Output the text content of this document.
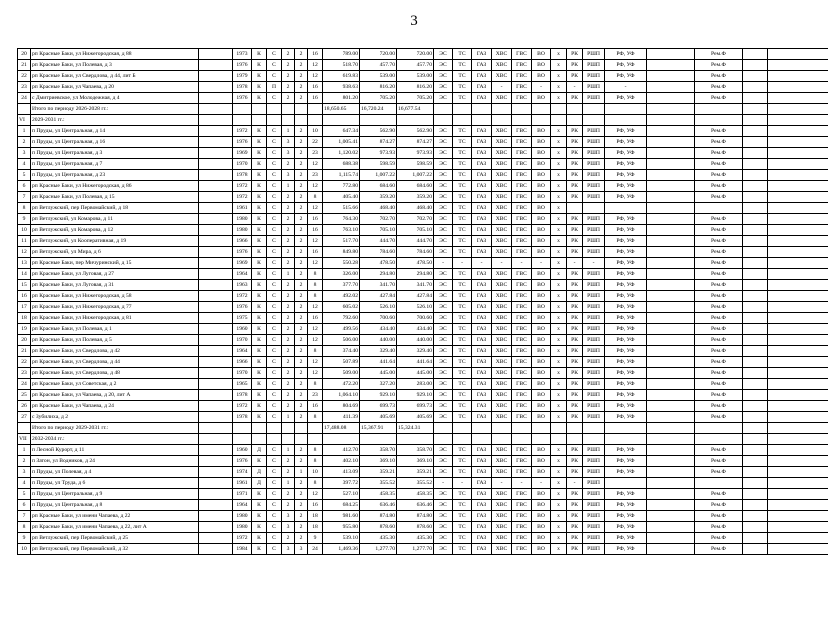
3
20	рп Красные Баки, ул Нижегородская, д 88		1973	К	С	2	2	16	789.00	720.00	720.00	ЭС	ТС	ГАЗ	ХВС	ГВС	ВО	х	РК	РШП	РФ, УФ		Рем.Ф		
21	рп Красные Баки, ул Полевая, д 3		1976	К	С	2	2	12	518.70	457.70	457.70	ЭС	ТС	ГАЗ	ХВС	ГВС	ВО	х	РК	РШП	РФ, УФ		Рем.Ф		
22	рп Красные Баки, ул Свердлова, д 44, лит Б		1979	К	С	2	2	12	619.83	539.00	539.00	ЭС	ТС	ГАЗ	ХВС	ГВС	ВО	х	РК	РШП	РФ, УФ		Рем.Ф		
23	рп Красные Баки, ул Чапаева, д 20		1978	К	П	2	2	16	938.63	816.20	816.20	ЭС	ТС	ГАЗ	-	ГВС	-	х	-	РШП	-		Рем.Ф		
24	с Дмитриевское, ул Молодежная, д 4		1976	К	С	2	2	16	801.20	705.20	705.20	ЭС	ТС	ГАЗ	ХВС	ГВС	ВО	х	РК	РШП	РФ, УФ		Рем.Ф		
	Итого по периоду 2026-2028 гг.:								18,650.65	16,720.24	16,677.54														
VI	2029-2031 гг.:																								
1	п Пруды, ул Центральная, д 14		1972	К	С	1	2	10	647.34	562.90	562.90	ЭС	ТС	ГАЗ	ХВС	ГВС	ВО	х	РК	РШП	РФ, УФ		Рем.Ф		
2	п Пруды, ул Центральная, д 16		1976	К	С	3	2	22	1,005.41	874.27	874.27	ЭС	ТС	ГАЗ	ХВС	ГВС	ВО	х	РК	РШП	РФ, УФ		Рем.Ф		
3	п Пруды, ул Центральная, д 3		1969	К	С	3	2	23	1,120.02	973.93	973.93	ЭС	ТС	ГАЗ	ХВС	ГВС	ВО	х	РК	РШП	РФ, УФ		Рем.Ф		
4	п Пруды, ул Центральная, д 7		1970	К	С	2	2	12	688.38	598.59	598.59	ЭС	ТС	ГАЗ	ХВС	ГВС	ВО	х	РК	РШП	РФ, УФ		Рем.Ф		
5	п Пруды, ул Центральная, д 23		1978	К	С	3	2	23	1,115.74	1,007.22	1,007.22	ЭС	ТС	ГАЗ	ХВС	ГВС	ВО	х	РК	РШП	РФ, УФ		Рем.Ф		
6	рп Красные Баки, ул Нижегородская, д 86		1972	К	С	1	2	12	772.80	684.60	684.60	ЭС	ТС	ГАЗ	ХВС	ГВС	ВО	х	РК	РШП	РФ, УФ		Рем.Ф		
7	рп Красные Баки, ул Полевая, д 15		1972	К	С	2	2	8	405.40	359.20	359.20	ЭС	ТС	ГАЗ	ХВС	ГВС	ВО	х	РК	РШП	РФ, УФ		Рем.Ф		
8	рп Ветлужский, пер Первомайский, д 18		1961	К	С	2	2	12	515.66	468.40	468.40	ЭС	ТС	ГАЗ	ХВС	ГВС	ВО	х							
9	рп Ветлужский, ул Комарова, д 11		1980	К	С	2	2	16	764.30	702.70	702.70	ЭС	ТС	ГАЗ	ХВС	ГВС	ВО	х	РК	РШП	РФ, УФ		Рем.Ф		
10	рп Ветлужский, ул Комарова, д 12		1980	К	С	2	2	16	763.10	705.10	705.10	ЭС	ТС	ГАЗ	ХВС	ГВС	ВО	х	РК	РШП	РФ, УФ		Рем.Ф		
11	рп Ветлужский, ул Кооперативная, д 19		1966	К	С	2	2	12	517.70	444.70	444.70	ЭС	ТС	ГАЗ	ХВС	ГВС	ВО	х	РК	РШП	РФ, УФ		Рем.Ф		
12	рп Ветлужский, ул Мира, д 6		1976	К	С	2	2	16	849.80	784.60	784.60	ЭС	ТС	ГАЗ	ХВС	ГВС	ВО	х	РК	РШП	РФ, УФ		Рем.Ф		
13	рп Красные Баки, пер Мичуринский, д 15		1969	К	С	2	2	12	550.28	478.50	478.50	-	-	-	-	-	-	х	-	-	РФ, УФ		Рем.Ф		
14	рп Красные Баки, ул Луговая, д 27		1964	К	С	1	2	8	326.00	294.80	294.80	ЭС	ТС	ГАЗ	ХВС	ГВС	ВО	х	РК	РШП	РФ, УФ		Рем.Ф		
15	рп Красные Баки, ул Луговая, д 31		1963	К	С	2	2	8	377.70	341.70	341.70	ЭС	ТС	ГАЗ	ХВС	ГВС	ВО	х	РК	РШП	РФ, УФ		Рем.Ф		
16	рп Красные Баки, ул Нижегородская, д 58		1972	К	С	2	2	8	492.02	427.84	427.84	ЭС	ТС	ГАЗ	ХВС	ГВС	ВО	х	РК	РШП	РФ, УФ		Рем.Ф		
17	рп Красные Баки, ул Нижегородская, д 77		1976	К	С	2	2	12	605.02	526.10	526.10	ЭС	ТС	ГАЗ	ХВС	ГВС	ВО	х	РК	РШП	РФ, УФ		Рем.Ф		
18	рп Красные Баки, ул Нижегородская, д 81		1975	К	С	2	2	16	792.60	700.60	700.60	ЭС	ТС	ГАЗ	ХВС	ГВС	ВО	х	РК	РШП	РФ, УФ		Рем.Ф		
19	рп Красные Баки, ул Полевая, д 1		1960	К	С	2	2	12	499.56	434.40	434.40	ЭС	ТС	ГАЗ	ХВС	ГВС	ВО	х	РК	РШП	РФ, УФ		Рем.Ф		
20	рп Красные Баки, ул Полевая, д 5		1970	К	С	2	2	12	506.00	440.00	440.00	ЭС	ТС	ГАЗ	ХВС	ГВС	ВО	х	РК	РШП	РФ, УФ		Рем.Ф		
21	рп Красные Баки, ул Свердлова, д 42		1964	К	С	2	2	8	374.40	329.40	329.40	ЭС	ТС	ГАЗ	ХВС	ГВС	ВО	х	РК	РШП	РФ, УФ		Рем.Ф		
22	рп Красные Баки, ул Свердлова, д 44		1966	К	С	2	2	12	507.89	441.64	441.64	ЭС	ТС	ГАЗ	ХВС	ГВС	ВО	х	РК	РШП	РФ, УФ		Рем.Ф		
23	рп Красные Баки, ул Свердлова, д 48		1970	К	С	2	2	12	509.00	445.00	445.00	ЭС	ТС	ГАЗ	ХВС	ГВС	ВО	х	РК	РШП	РФ, УФ		Рем.Ф		
24	рп Красные Баки, ул Советская, д 2		1965	К	С	2	2	8	472.20	327.20	283.00	ЭС	ТС	ГАЗ	ХВС	ГВС	ВО	х	РК	РШП	РФ, УФ		Рем.Ф		
25	рп Красные Баки, ул Чапаева, д 20, лит А		1978	К	С	2	2	23	1,064.10	929.10	929.10	ЭС	ТС	ГАЗ	ХВС	ГВС	ВО	х	РК	РШП	РФ, УФ		Рем.Ф		
26	рп Красные Баки, ул Чапаева, д 24		1972	К	С	2	2	16	804.69	699.73	699.73	ЭС	ТС	ГАЗ	ХВС	ГВС	ВО	х	РК	РШП	РФ, УФ		Рем.Ф		
27	с Зубилиха, д 2		1978	К	С	1	2	8	411.39	405.69	405.69	ЭС	ТС	ГАЗ	ХВС	ГВС	ВО	х	РК	РШП	РФ, УФ		Рем.Ф		
	Итого по периоду 2029-2031 гг.:								17,488.08	15,367.91	15,324.31														
VII	2032-2034 гг.:																								
1	п Лесной Курорт, д 11		1960	Д	С	1	2	8	412.70	358.70	358.70	ЭС	ТС	ГАЗ	ХВС	ГВС	ВО	х	РК	РШП	РФ, УФ		Рем.Ф		
2	п Затон, ул Водников, д 24		1976	К	С	2	2	8	402.10	369.10	369.10	ЭС	ТС	ГАЗ	ХВС	ГВС	ВО	х	РК	РШП	РФ, УФ		Рем.Ф		
3	п Пруды, ул Полевая, д 4		1974	Д	С	2	1	10	413.09	359.21	359.21	ЭС	ТС	ГАЗ	ХВС	ГВС	ВО	х	РК	РШП	РФ, УФ		Рем.Ф		
4	п Пруды, ул Труда, д 6		1961	Д	С	1	2	8	397.72	355.52	355.52	-	-	ГАЗ	-	-	-	х	-	РШП					
5	п Пруды, ул Центральная, д 9		1971	К	С	2	2	12	527.10	458.35	458.35	ЭС	ТС	ГАЗ	ХВС	ГВС	ВО	х	РК	РШП	РФ, УФ		Рем.Ф		
6	п Пруды, ул Центральная, д 8		1964	К	С	2	2	16	684.25	636.46	636.46	ЭС	ТС	ГАЗ	ХВС	ГВС	ВО	х	РК	РШП	РФ, УФ		Рем.Ф		
7	рп Красные Баки, ул имени Чапаева, д 22		1980	К	С	3	2	18	981.60	874.80	874.80	ЭС	ТС	ГАЗ	ХВС	ГВС	ВО	х	РК	РШП	РФ, УФ		Рем.Ф		
8	рп Красные Баки, ул имени Чапаева, д 22, лит А		1980	К	С	3	2	18	955.80	878.60	878.60	ЭС	ТС	ГАЗ	ХВС	ГВС	ВО	х	РК	РШП	РФ, УФ		Рем.Ф		
9	рп Ветлужский, пер Первомайский, д 25		1972	К	С	2	2	9	539.10	435.30	435.30	ЭС	ТС	ГАЗ	ХВС	ГВС	ВО	х	РК	РШП	РФ, УФ		Рем.Ф		
10	рп Ветлужский, пер Первомайский, д 32		1984	К	С	3	3	24	1,469.36	1,277.70	1,277.70	ЭС	ТС	ГАЗ	ХВС	ГВС	ВО	х	РК	РШП	РФ, УФ		Рем.Ф		
